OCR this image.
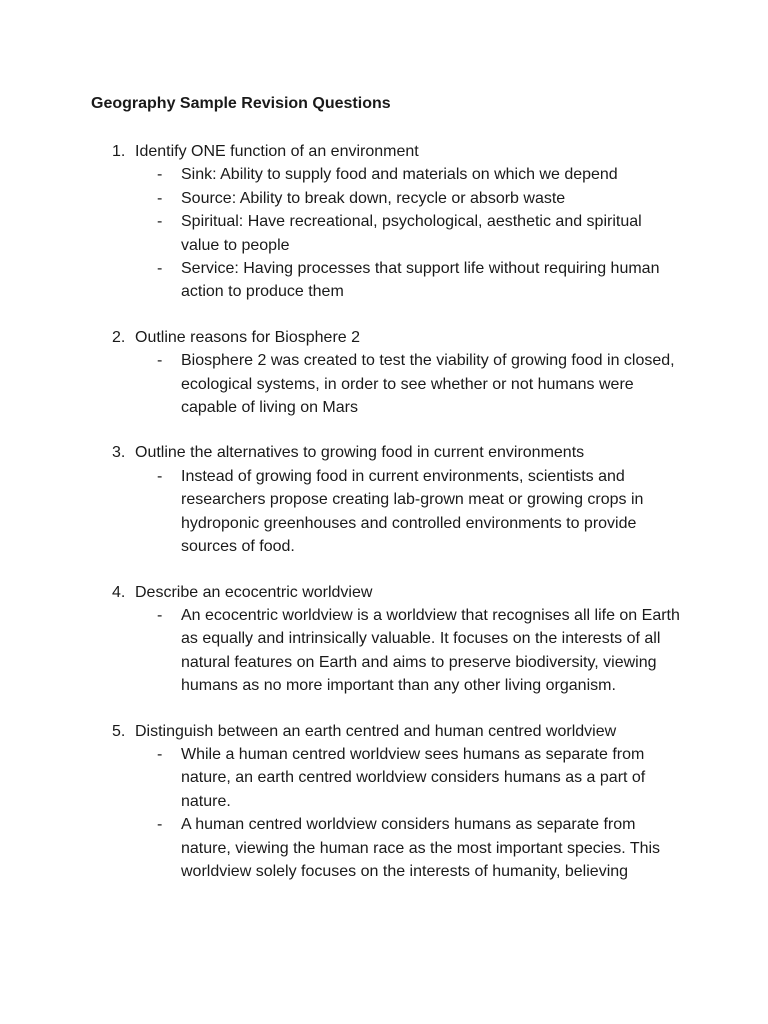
Geography Sample Revision Questions
1. Identify ONE function of an environment
- Sink: Ability to supply food and materials on which we depend
- Source: Ability to break down, recycle or absorb waste
- Spiritual: Have recreational, psychological, aesthetic and spiritual value to people
- Service: Having processes that support life without requiring human action to produce them
2. Outline reasons for Biosphere 2
- Biosphere 2 was created to test the viability of growing food in closed, ecological systems, in order to see whether or not humans were capable of living on Mars
3. Outline the alternatives to growing food in current environments
- Instead of growing food in current environments, scientists and researchers propose creating lab-grown meat or growing crops in hydroponic greenhouses and controlled environments to provide sources of food.
4. Describe an ecocentric worldview
- An ecocentric worldview is a worldview that recognises all life on Earth as equally and intrinsically valuable. It focuses on the interests of all natural features on Earth and aims to preserve biodiversity, viewing humans as no more important than any other living organism.
5. Distinguish between an earth centred and human centred worldview
- While a human centred worldview sees humans as separate from nature, an earth centred worldview considers humans as a part of nature.
- A human centred worldview considers humans as separate from nature, viewing the human race as the most important species. This worldview solely focuses on the interests of humanity, believing
